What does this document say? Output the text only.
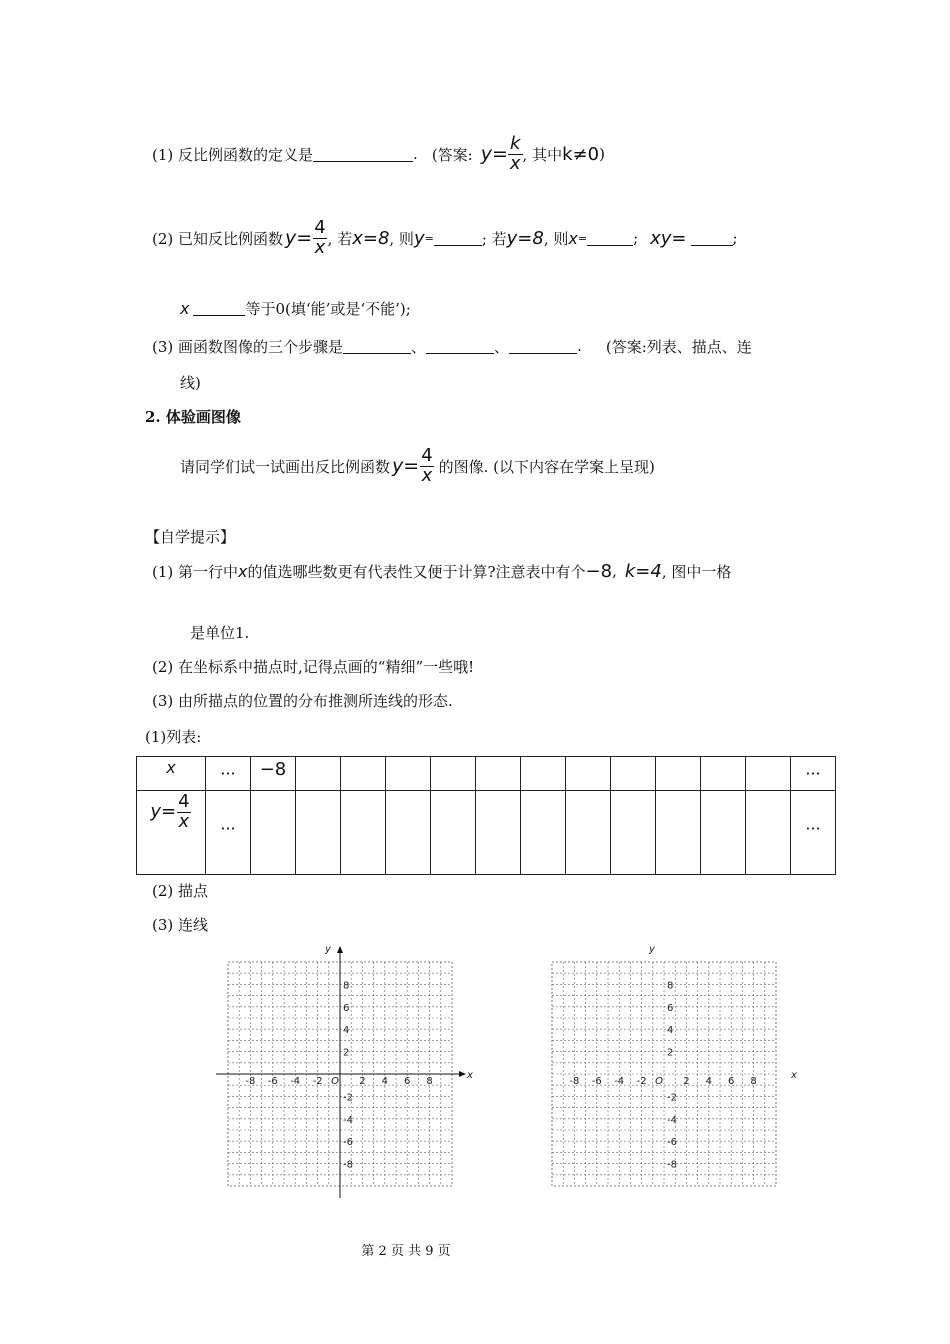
(1) 反比例函数的定义是	. (答案: $y = \frac{k}{x}$ , 其中 k≠0 )
(2) 已知反比例函数 $y = \frac{4}{x}$ , 若 x=8 , 则 y =	; 若 y=8 , 则 x =	; xy=	;
x	等于0(填‘能’或是‘不能’);
(3) 画函数图像的三个步骤是	、	、	. (答案:列表、描点、连
线)
2. 体验画图像
请同学们试一试画出反比例函数 $y = \frac{4}{x}$ 的图像. (以下内容在学案上呈现)
【自学提示】
(1) 第一行中 x 的值选哪些数更有代表性又便于计算?注意表中有个 −8 , k=4 , 图中一格
是单位1.
(2) 在坐标系中描点时,记得点画的“精细”一些哦!
(3) 由所描点的位置的分布推测所连线的形态.
(1)列表:
x	···	−8												···
$y= \frac{4}{x}$	···													···
(2) 描点
(3) 连线
x
y
O
-8 -6 -4 -2	2 4 6 8
8
6
4
2
-2
-4
-6
-8
x
y
O
-8 -6 -4 -2	2 4 6 8
8
6
4
2
-2
-4
-6
-8
第 2 页 共 9 页
